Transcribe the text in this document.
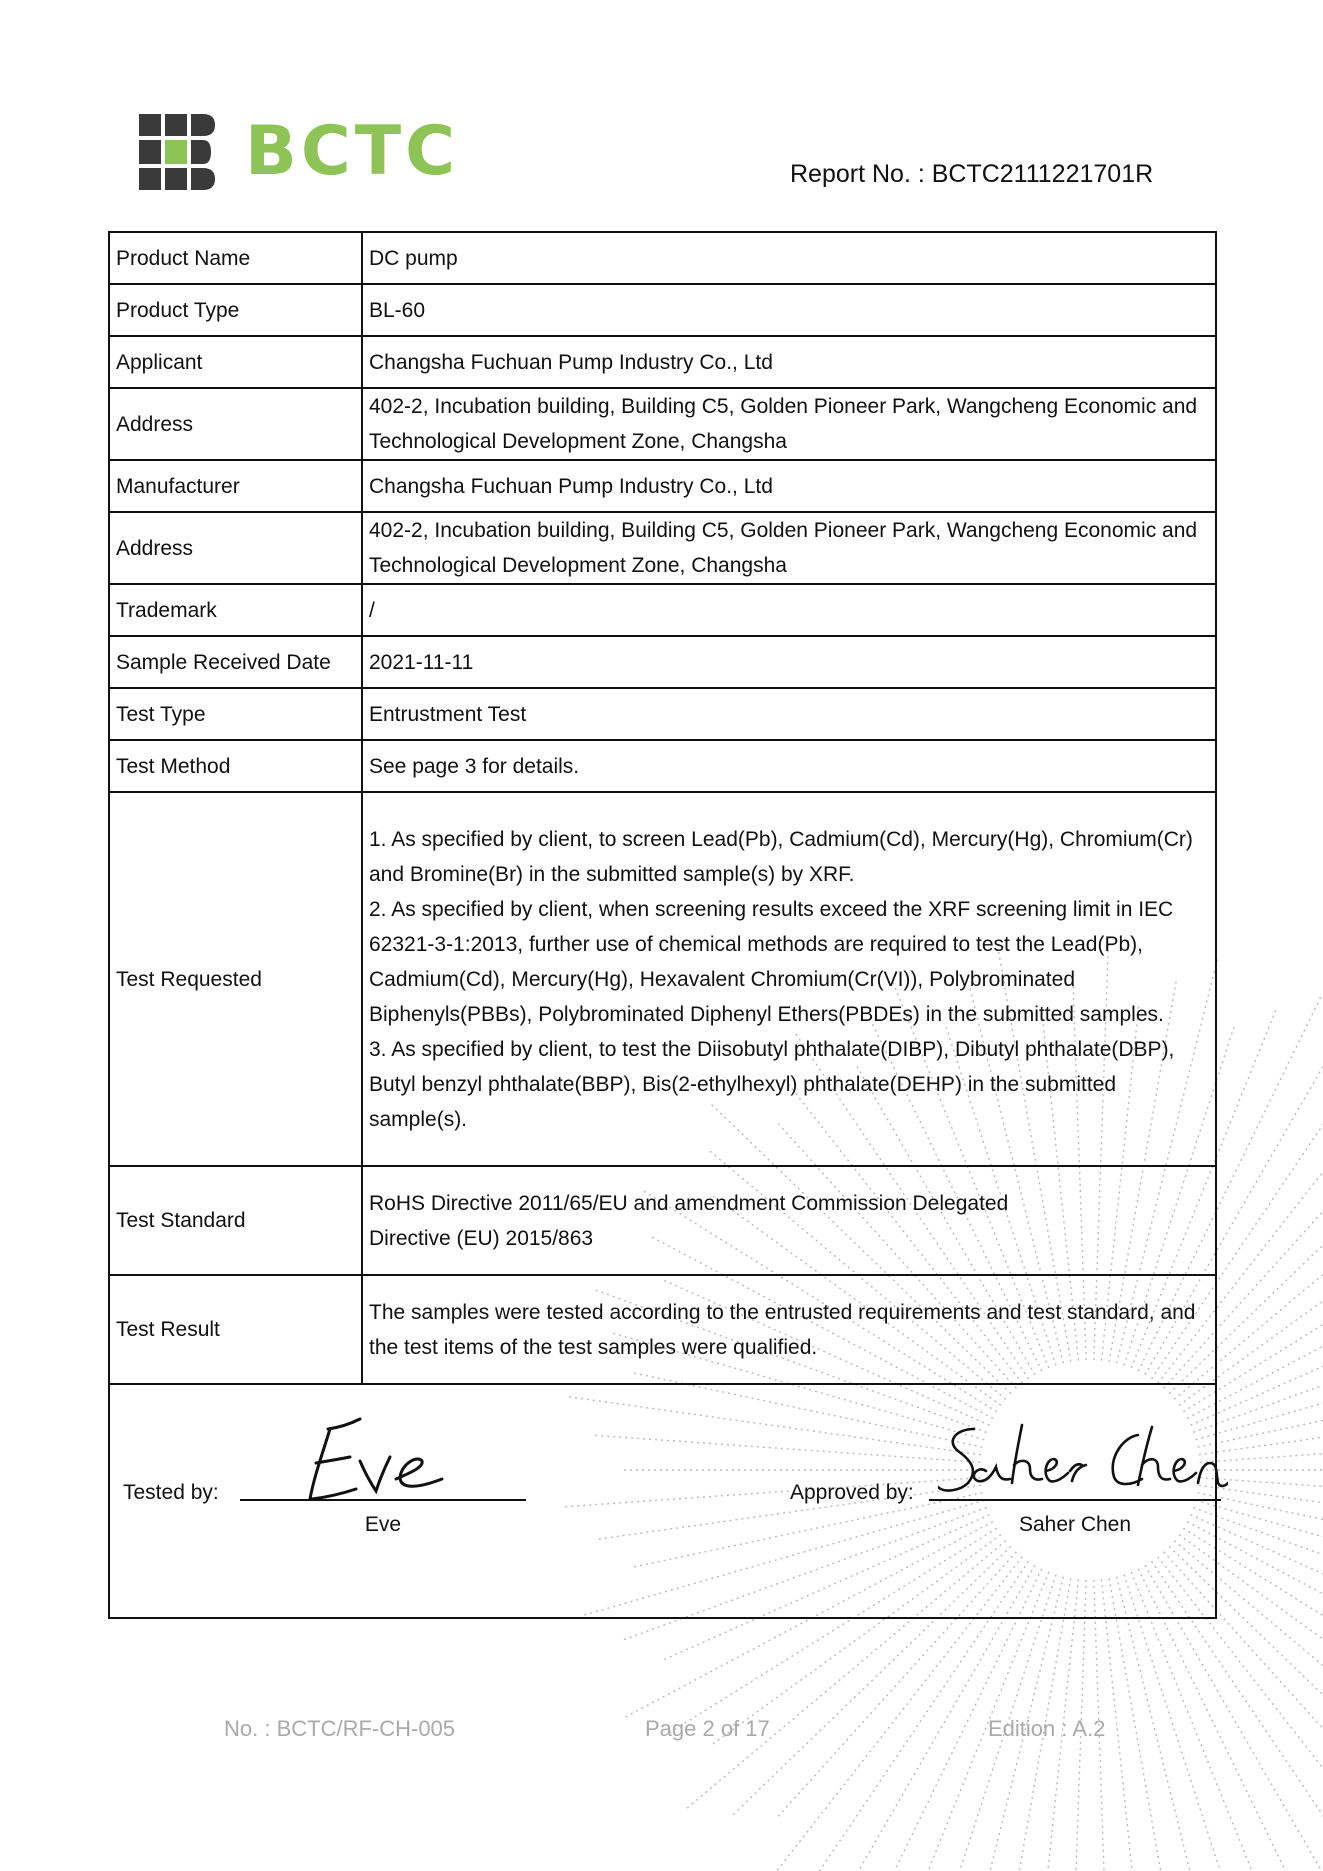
BCTC	Report No. : BCTC2111221701R
Product Name	DC pump
Product Type	BL-60
Applicant	Changsha Fuchuan Pump Industry Co., Ltd
Address	402-2, Incubation building, Building C5, Golden Pioneer Park, Wangcheng Economic and Technological Development Zone, Changsha
Manufacturer	Changsha Fuchuan Pump Industry Co., Ltd
Address	402-2, Incubation building, Building C5, Golden Pioneer Park, Wangcheng Economic and Technological Development Zone, Changsha
Trademark	/
Sample Received Date	2021-11-11
Test Type	Entrustment Test
Test Method	See page 3 for details.
Test Requested	1. As specified by client, to screen Lead(Pb), Cadmium(Cd), Mercury(Hg), Chromium(Cr) and Bromine(Br) in the submitted sample(s) by XRF.
2. As specified by client, when screening results exceed the XRF screening limit in IEC 62321-3-1:2013, further use of chemical methods are required to test the Lead(Pb), Cadmium(Cd), Mercury(Hg), Hexavalent Chromium(Cr(VI)), Polybrominated Biphenyls(PBBs), Polybrominated Diphenyl Ethers(PBDEs) in the submitted samples.
3. As specified by client, to test the Diisobutyl phthalate(DIBP), Dibutyl phthalate(DBP), Butyl benzyl phthalate(BBP), Bis(2-ethylhexyl) phthalate(DEHP) in the submitted sample(s).

Test Standard	RoHS Directive 2011/65/EU and amendment Commission Delegated
Directive (EU) 2015/863

Test Result	The samples were tested according to the entrusted requirements and test standard, and the test items of the test samples were qualified.

Tested by:
Eve
Approved by:
Saher Chen	
No. : BCTC/RF-CH-005	Page 2 of 17	Edition : A.2
